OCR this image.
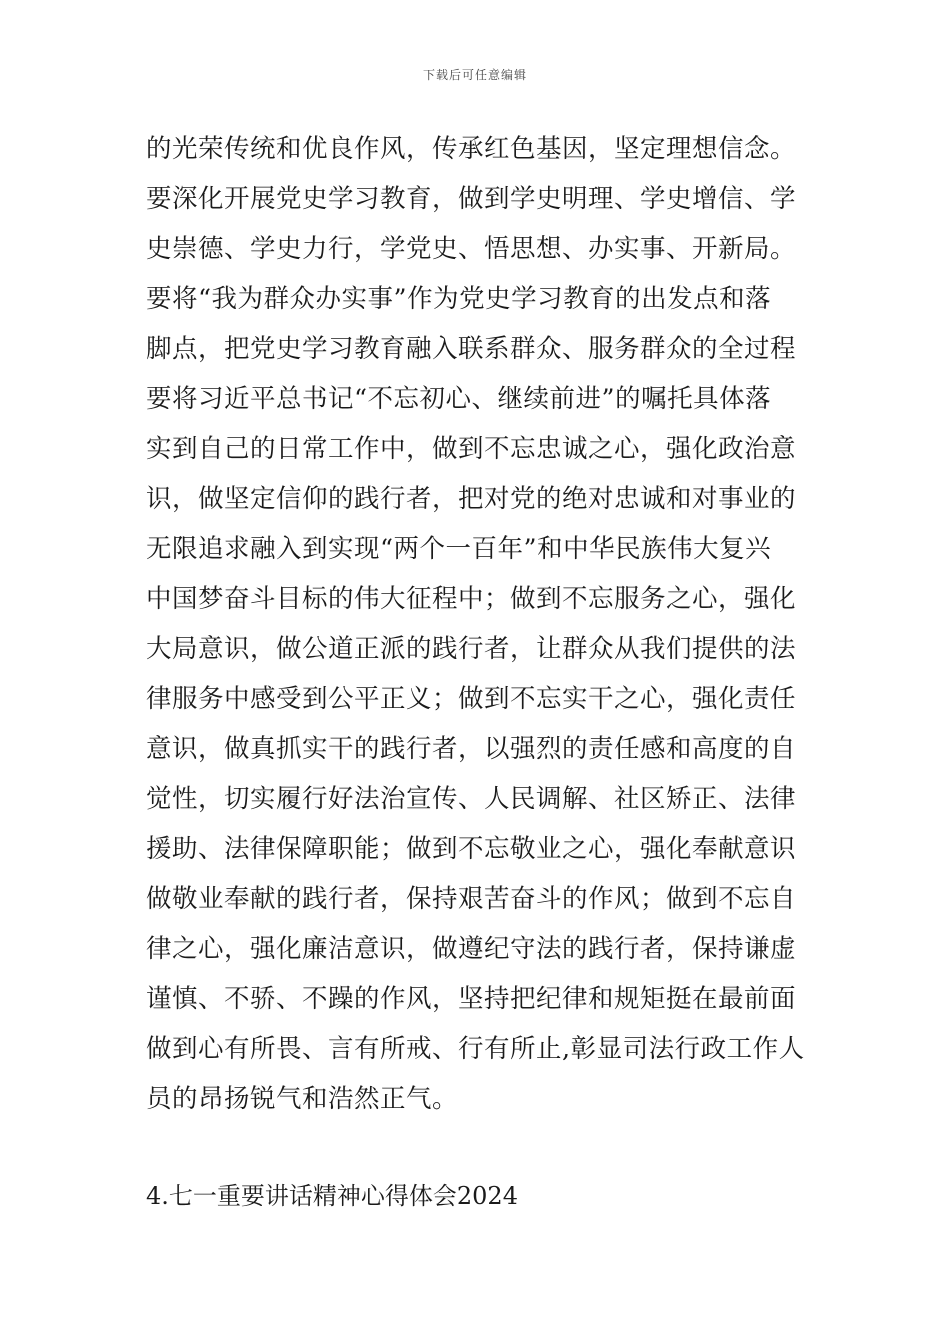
下载后可任意编辑
的光荣传统和优良作风，传承红色基因，坚定理想信念。
要深化开展党史学习教育，做到学史明理、学史增信、学
史崇德、学史力行，学党史、悟思想、办实事、开新局。
要将“我为群众办实事”作为党史学习教育的出发点和落
脚点，把党史学习教育融入联系群众、服务群众的全过程
要将习近平总书记“不忘初心、继续前进”的嘱托具体落
实到自己的日常工作中，做到不忘忠诚之心，强化政治意
识，做坚定信仰的践行者，把对党的绝对忠诚和对事业的
无限追求融入到实现“两个一百年”和中华民族伟大复兴
中国梦奋斗目标的伟大征程中；做到不忘服务之心，强化
大局意识，做公道正派的践行者，让群众从我们提供的法
律服务中感受到公平正义；做到不忘实干之心，强化责任
意识，做真抓实干的践行者，以强烈的责任感和高度的自
觉性，切实履行好法治宣传、人民调解、社区矫正、法律
援助、法律保障职能；做到不忘敬业之心，强化奉献意识
做敬业奉献的践行者，保持艰苦奋斗的作风；做到不忘自
律之心，强化廉洁意识，做遵纪守法的践行者，保持谦虚
谨慎、不骄、不躁的作风，坚持把纪律和规矩挺在最前面
做到心有所畏、言有所戒、行有所止,彰显司法行政工作人
员的昂扬锐气和浩然正气。
4.七一重要讲话精神心得体会2024
